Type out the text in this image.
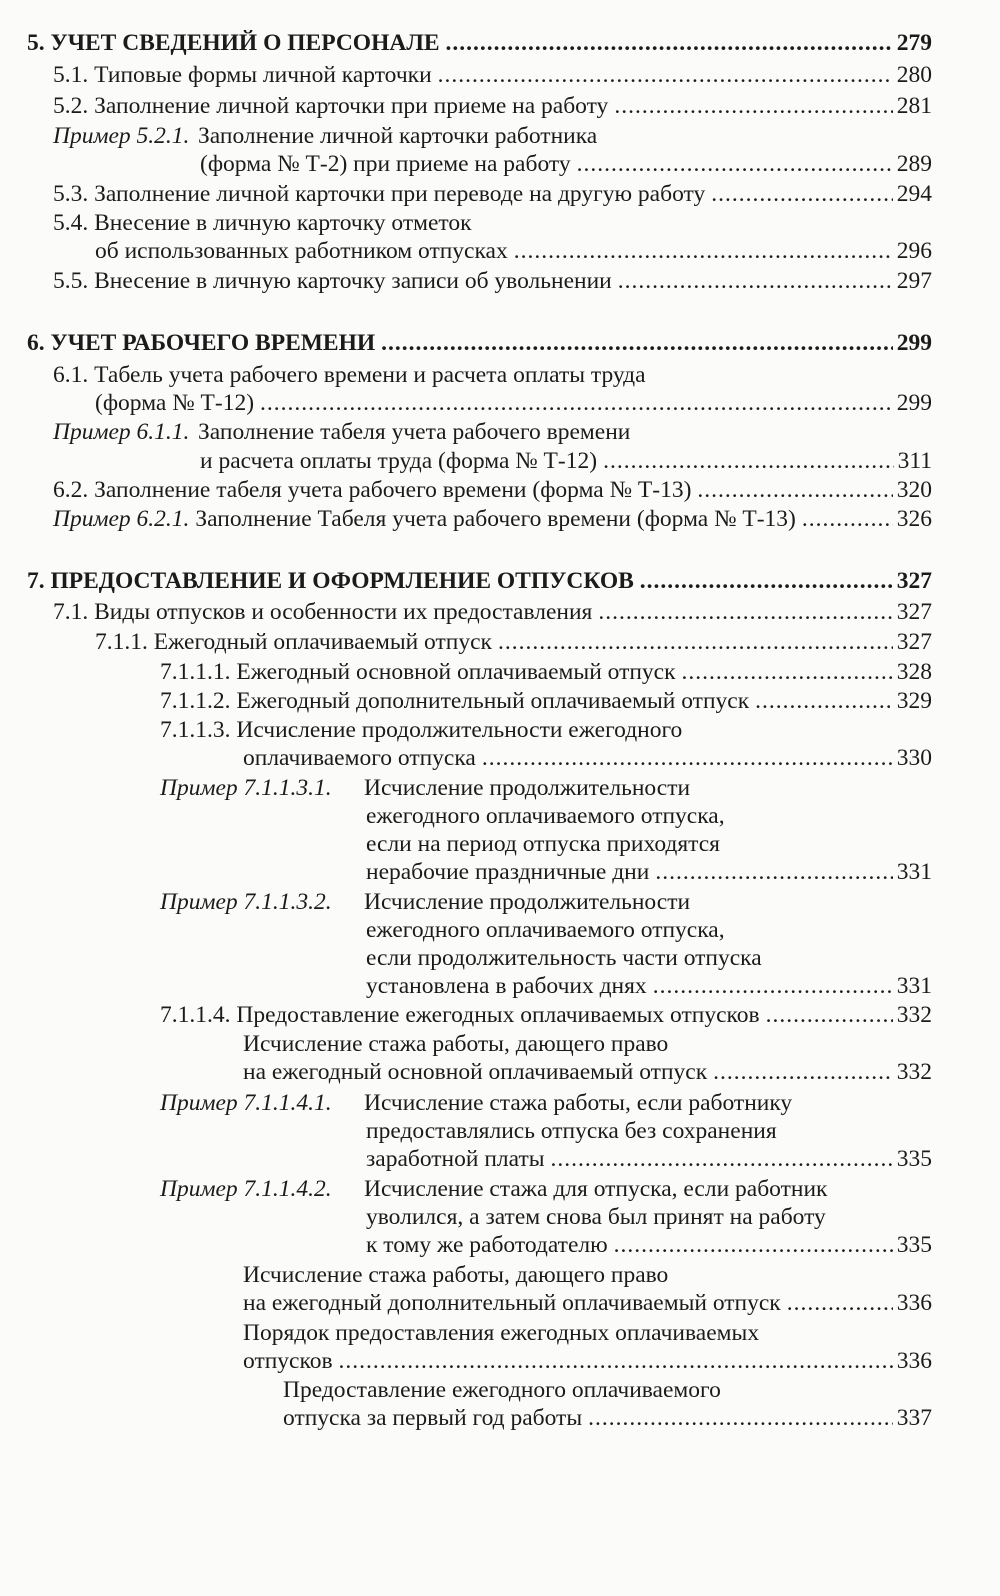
5. УЧЕТ СВЕДЕНИЙ О ПЕРСОНАЛЕ .....	279
5.1. Типовые формы личной карточки .....	280
5.2. Заполнение личной карточки при приеме на работу .....	281
Пример 5.2.1. Заполнение личной карточки работника
(форма № Т-2) при приеме на работу .....	289
5.3. Заполнение личной карточки при переводе на другую работу .....	294
5.4. Внесение в личную карточку отметок
об использованных работником отпусках .....	296
5.5. Внесение в личную карточку записи об увольнении .....	297
6. УЧЕТ РАБОЧЕГО ВРЕМЕНИ .....	299
6.1. Табель учета рабочего времени и расчета оплаты труда
(форма № Т-12) .....	299
Пример 6.1.1. Заполнение табеля учета рабочего времени
и расчета оплаты труда (форма № Т-12) .....	311
6.2. Заполнение табеля учета рабочего времени (форма № Т-13) .....	320
Пример 6.2.1. Заполнение Табеля учета рабочего времени (форма № Т-13) .....	326
7. ПРЕДОСТАВЛЕНИЕ И ОФОРМЛЕНИЕ ОТПУСКОВ .....	327
7.1. Виды отпусков и особенности их предоставления .....	327
7.1.1. Ежегодный оплачиваемый отпуск .....	327
7.1.1.1. Ежегодный основной оплачиваемый отпуск .....	328
7.1.1.2. Ежегодный дополнительный оплачиваемый отпуск .....	329
7.1.1.3. Исчисление продолжительности ежегодного
оплачиваемого отпуска .....	330
Пример 7.1.1.3.1. Исчисление продолжительности
ежегодного оплачиваемого отпуска,
если на период отпуска приходятся
нерабочие праздничные дни .....	331
Пример 7.1.1.3.2. Исчисление продолжительности
ежегодного оплачиваемого отпуска,
если продолжительность части отпуска
установлена в рабочих днях .....	331
7.1.1.4. Предоставление ежегодных оплачиваемых отпусков .....	332
Исчисление стажа работы, дающего право
на ежегодный основной оплачиваемый отпуск .....	332
Пример 7.1.1.4.1. Исчисление стажа работы, если работнику
предоставлялись отпуска без сохранения
заработной платы .....	335
Пример 7.1.1.4.2. Исчисление стажа для отпуска, если работник
уволился, а затем снова был принят на работу
к тому же работодателю .....	335
Исчисление стажа работы, дающего право
на ежегодный дополнительный оплачиваемый отпуск .....	336
Порядок предоставления ежегодных оплачиваемых
отпусков .....	336
Предоставление ежегодного оплачиваемого
отпуска за первый год работы .....	337
